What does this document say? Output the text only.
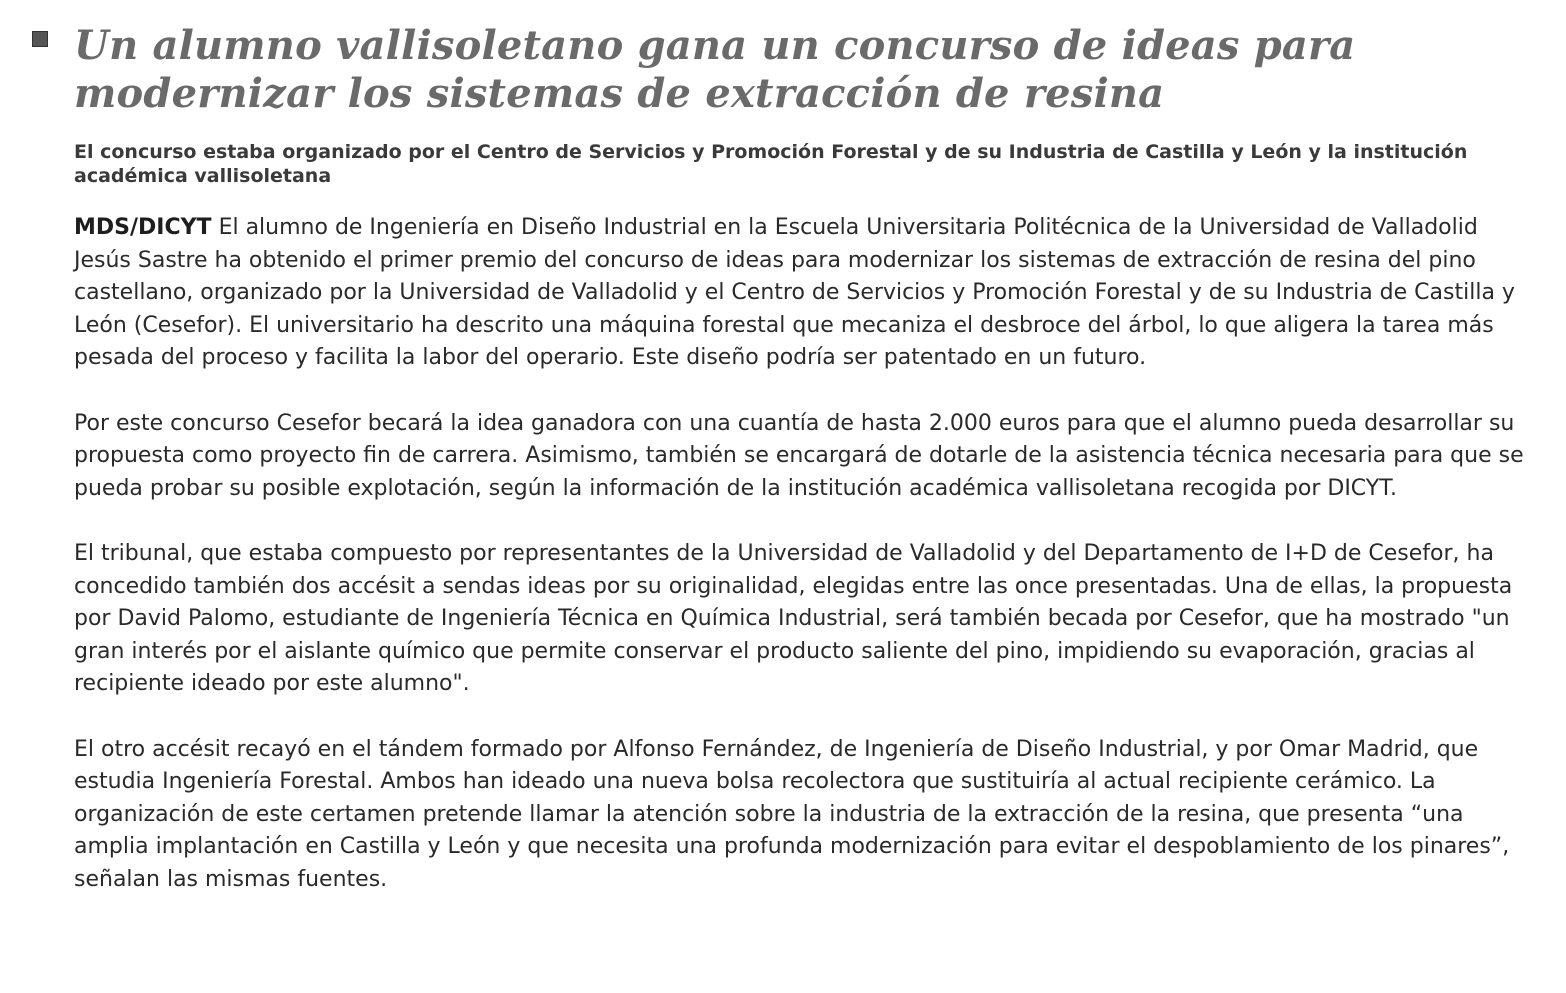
Un alumno vallisoletano gana un concurso de ideas para modernizar los sistemas de extracción de resina
El concurso estaba organizado por el Centro de Servicios y Promoción Forestal y de su Industria de Castilla y León y la institución académica vallisoletana

MDS/DICYT El alumno de Ingeniería en Diseño Industrial en la Escuela Universitaria Politécnica de la Universidad de Valladolid Jesús Sastre ha obtenido el primer premio del concurso de ideas para modernizar los sistemas de extracción de resina del pino castellano, organizado por la Universidad de Valladolid y el Centro de Servicios y Promoción Forestal y de su Industria de Castilla y León (Cesefor). El universitario ha descrito una máquina forestal que mecaniza el desbroce del árbol, lo que aligera la tarea más pesada del proceso y facilita la labor del operario. Este diseño podría ser patentado en un futuro.

Por este concurso Cesefor becará la idea ganadora con una cuantía de hasta 2.000 euros para que el alumno pueda desarrollar su propuesta como proyecto fin de carrera. Asimismo, también se encargará de dotarle de la asistencia técnica necesaria para que se pueda probar su posible explotación, según la información de la institución académica vallisoletana recogida por DICYT.

El tribunal, que estaba compuesto por representantes de la Universidad de Valladolid y del Departamento de I+D de Cesefor, ha concedido también dos accésit a sendas ideas por su originalidad, elegidas entre las once presentadas. Una de ellas, la propuesta por David Palomo, estudiante de Ingeniería Técnica en Química Industrial, será también becada por Cesefor, que ha mostrado "un gran interés por el aislante químico que permite conservar el producto saliente del pino, impidiendo su evaporación, gracias al recipiente ideado por este alumno".

El otro accésit recayó en el tándem formado por Alfonso Fernández, de Ingeniería de Diseño Industrial, y por Omar Madrid, que estudia Ingeniería Forestal. Ambos han ideado una nueva bolsa recolectora que sustituiría al actual recipiente cerámico. La organización de este certamen pretende llamar la atención sobre la industria de la extracción de la resina, que presenta “una amplia implantación en Castilla y León y que necesita una profunda modernización para evitar el despoblamiento de los pinares”, señalan las mismas fuentes.
